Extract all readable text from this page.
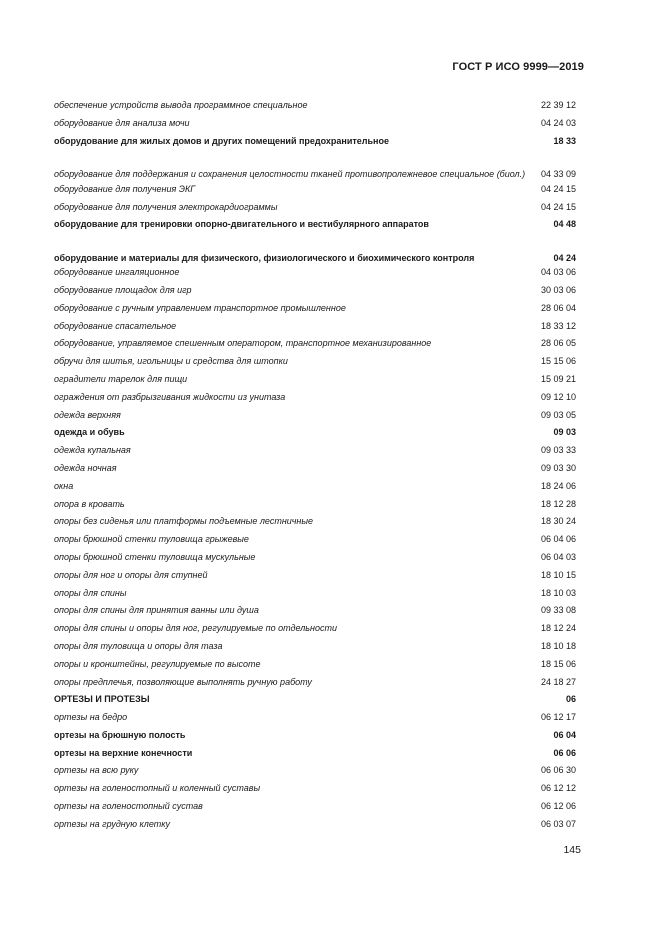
ГОСТ Р ИСО 9999—2019
обеспечение устройств вывода программное специальное	22 39 12
оборудование для анализа мочи	04 24 03
оборудование для жилых домов и других помещений предохранительное	18 33
оборудование для поддержания и сохранения целостности тканей противопролежневое специальное (биол.)	04 33 09
оборудование для получения ЭКГ	04 24 15
оборудование для получения электрокардиограммы	04 24 15
оборудование для тренировки опорно-двигательного и вестибулярного аппаратов	04 48
оборудование и материалы для физического, физиологического и биохимического контроля	04 24
оборудование ингаляционное	04 03 06
оборудование площадок для игр	30 03 06
оборудование с ручным управлением транспортное промышленное	28 06 04
оборудование спасательное	18 33 12
оборудование, управляемое спешенным оператором, транспортное механизированное	28 06 05
обручи для шитья, игольницы и средства для штопки	15 15 06
оградители тарелок для пищи	15 09 21
ограждения от разбрызгивания жидкости из унитаза	09 12 10
одежда верхняя	09 03 05
одежда и обувь	09 03
одежда купальная	09 03 33
одежда ночная	09 03 30
окна	18 24 06
опора в кровать	18 12 28
опоры без сиденья или платформы подъемные лестничные	18 30 24
опоры брюшной стенки туловища грыжевые	06 04 06
опоры брюшной стенки туловища мускульные	06 04 03
опоры для ног и опоры для ступней	18 10 15
опоры для спины	18 10 03
опоры для спины для принятия ванны или душа	09 33 08
опоры для спины и опоры для ног, регулируемые по отдельности	18 12 24
опоры для туловища и опоры для таза	18 10 18
опоры и кронштейны, регулируемые по высоте	18 15 06
опоры предплечья, позволяющие выполнять ручную работу	24 18 27
ОРТЕЗЫ И ПРОТЕЗЫ	06
ортезы на бедро	06 12 17
ортезы на брюшную полость	06 04
ортезы на верхние конечности	06 06
ортезы на всю руку	06 06 30
ортезы на голеностопный и коленный суставы	06 12 12
ортезы на голеностопный сустав	06 12 06
ортезы на грудную клетку	06 03 07
145
